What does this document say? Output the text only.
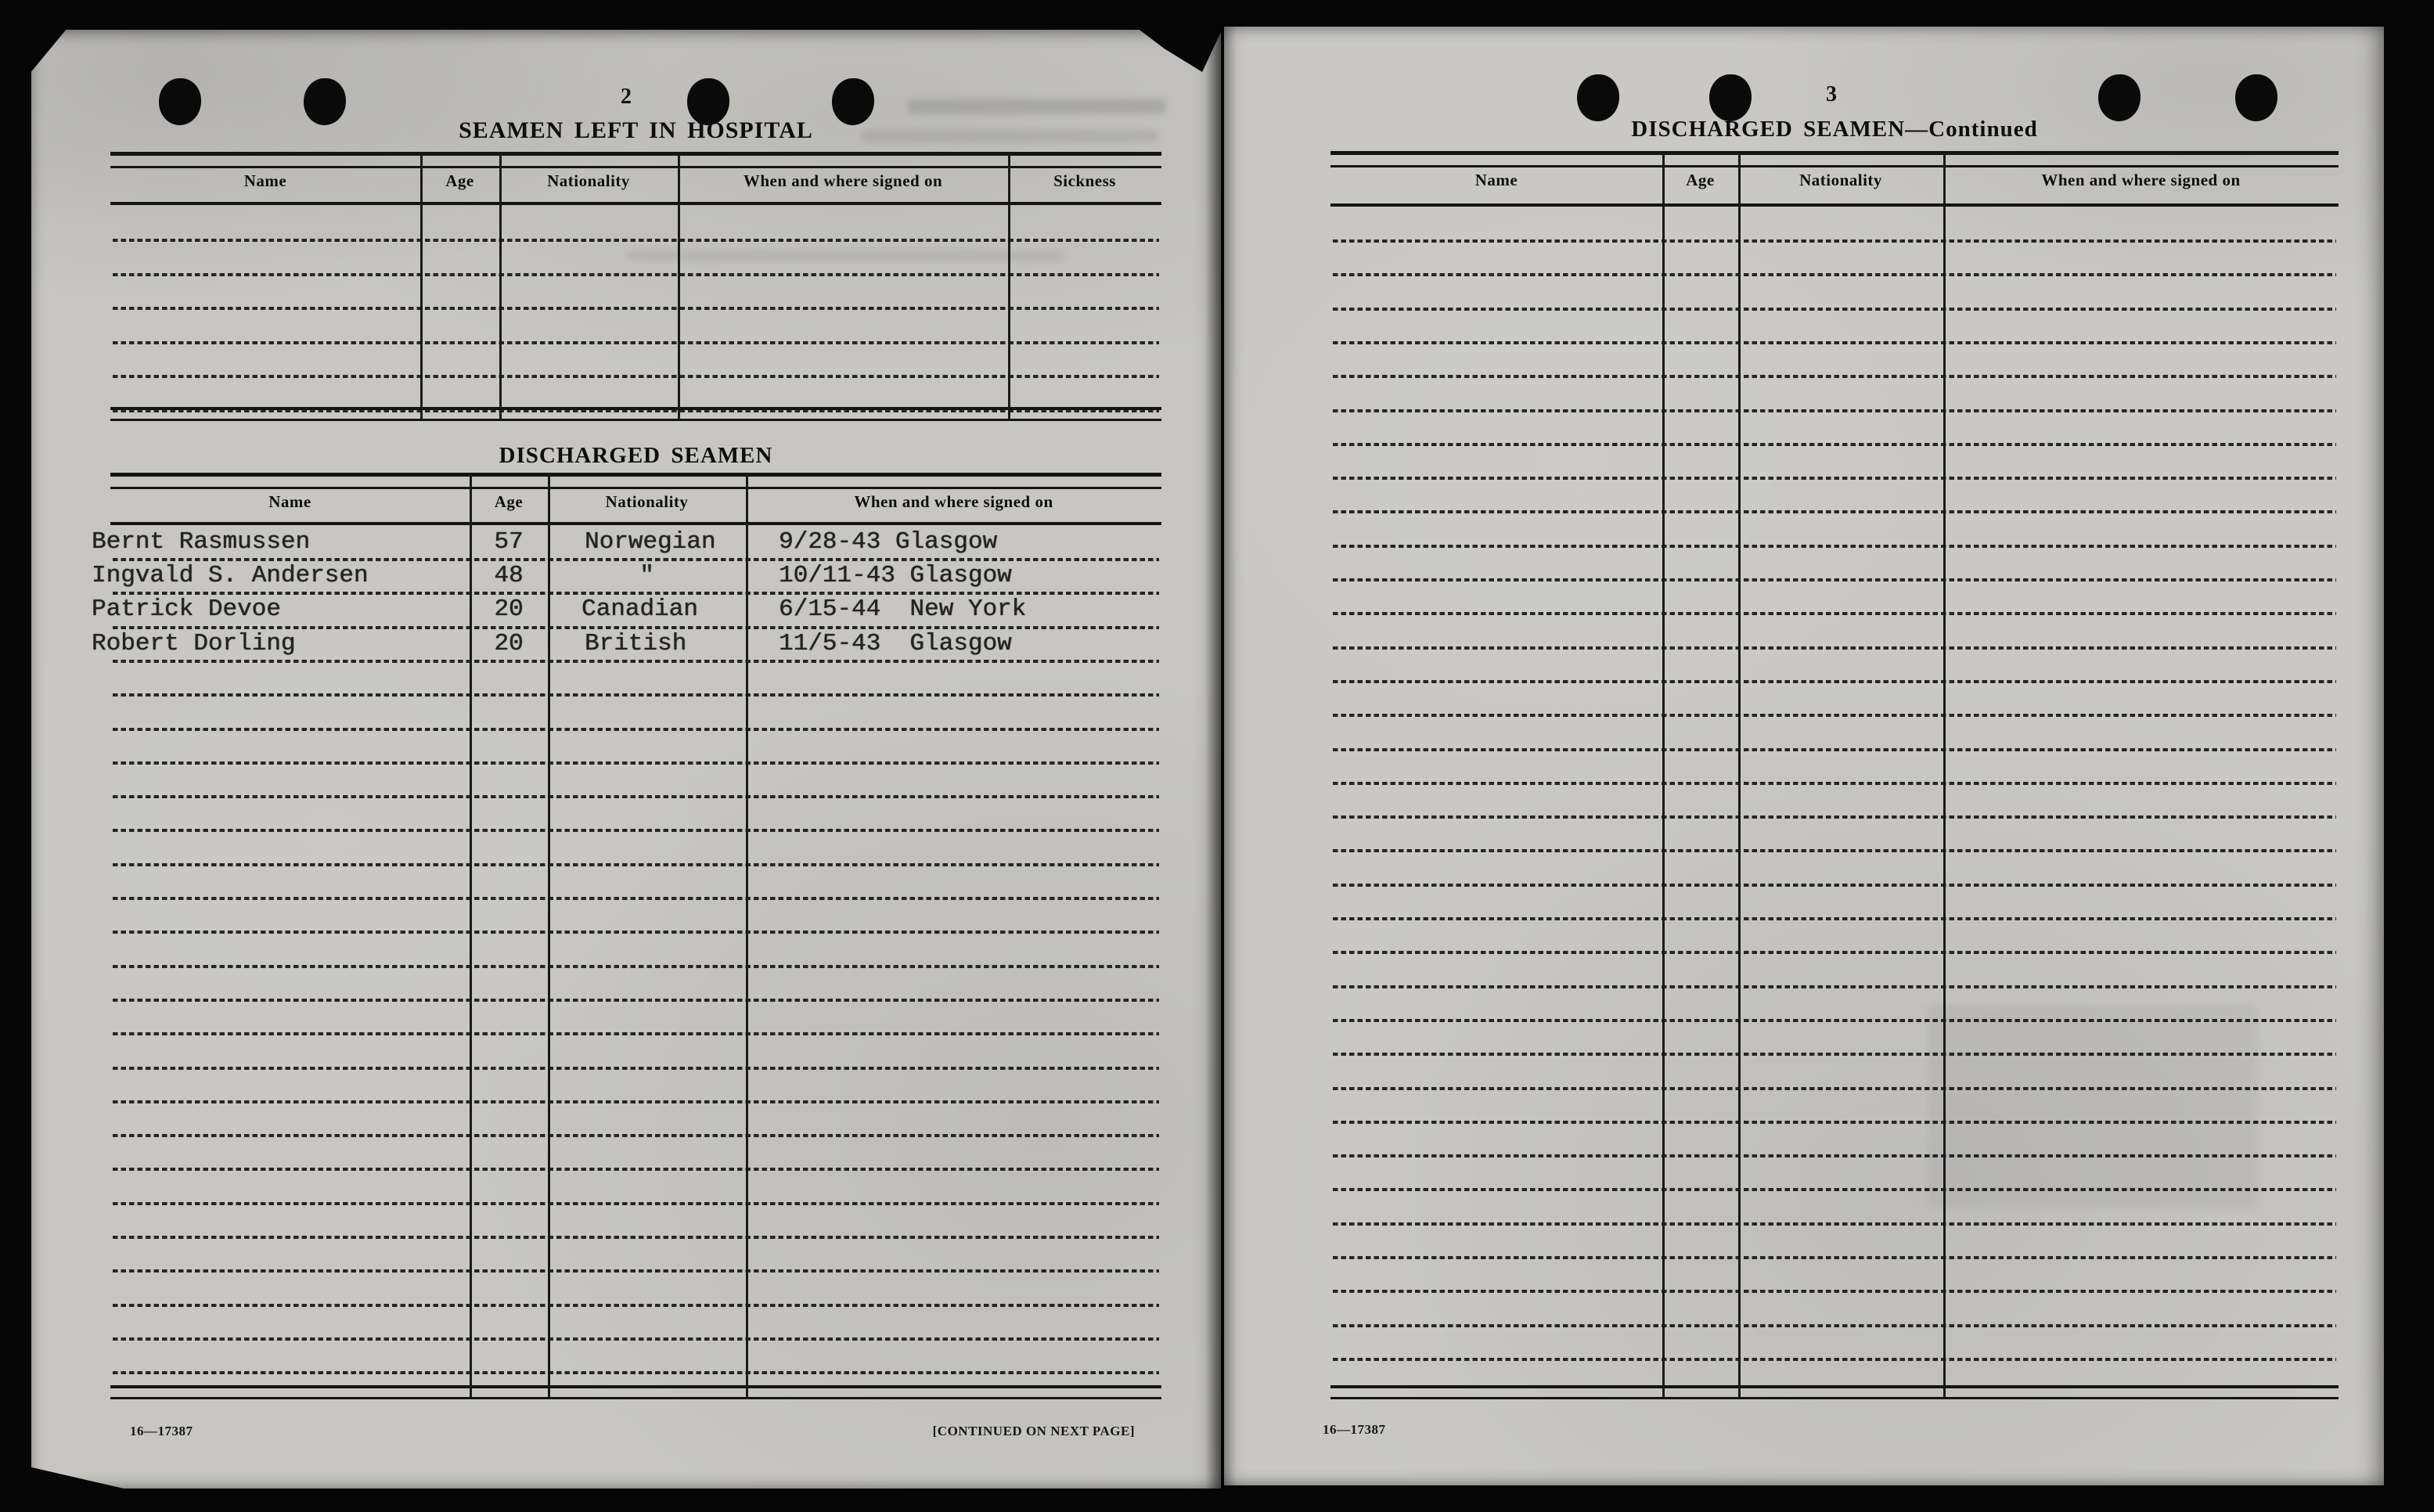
2
SEAMEN LEFT IN HOSPITAL
Name	Age	Nationality	When and where signed on	Sickness
DISCHARGED SEAMEN
Name	Age	Nationality	When and where signed on
Bernt Rasmussen	57	Norwegian	9/28-43 Glasgow
Ingvald S. Andersen	48	"	10/11-43 Glasgow
Patrick Devoe	20	Canadian	6/15-44  New York
Robert Dorling	20	British	11/5-43  Glasgow
16—17387	[CONTINUED ON NEXT PAGE]
3
DISCHARGED SEAMEN—Continued
Name	Age	Nationality	When and where signed on
16—17387
